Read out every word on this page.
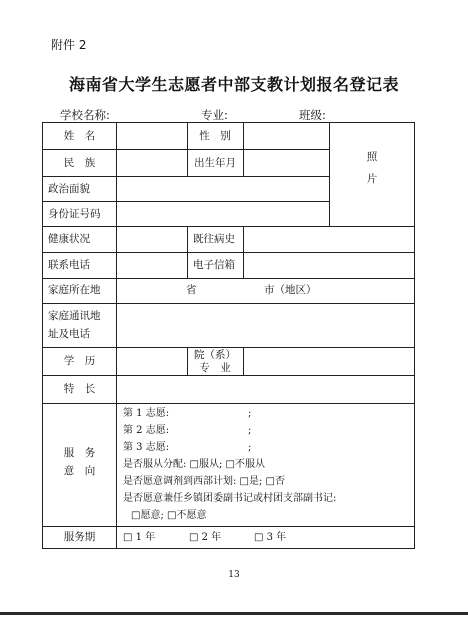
附件 2
海南省大学生志愿者中部支教计划报名登记表
学校名称:	专业:	班级:
姓　名	性　别
照
片
民　族	出生年月
政治面貌
身份证号码
健康状况	既往病史
联系电话	电子信箱
家庭所在地	省	市（地区）
家庭通讯地
址及电话
学　历	院（系）
专　业
特　长
服　务
意　向
第 1 志愿:	;
第 2 志愿:	;
第 3 志愿:	;
是否服从分配: □服从; □不服从
是否愿意调剂到西部计划: □是; □否
是否愿意兼任乡镇团委副书记或村团支部副书记:
□愿意; □不愿意
服务期	□ 1 年	□ 2 年	□ 3 年
13
